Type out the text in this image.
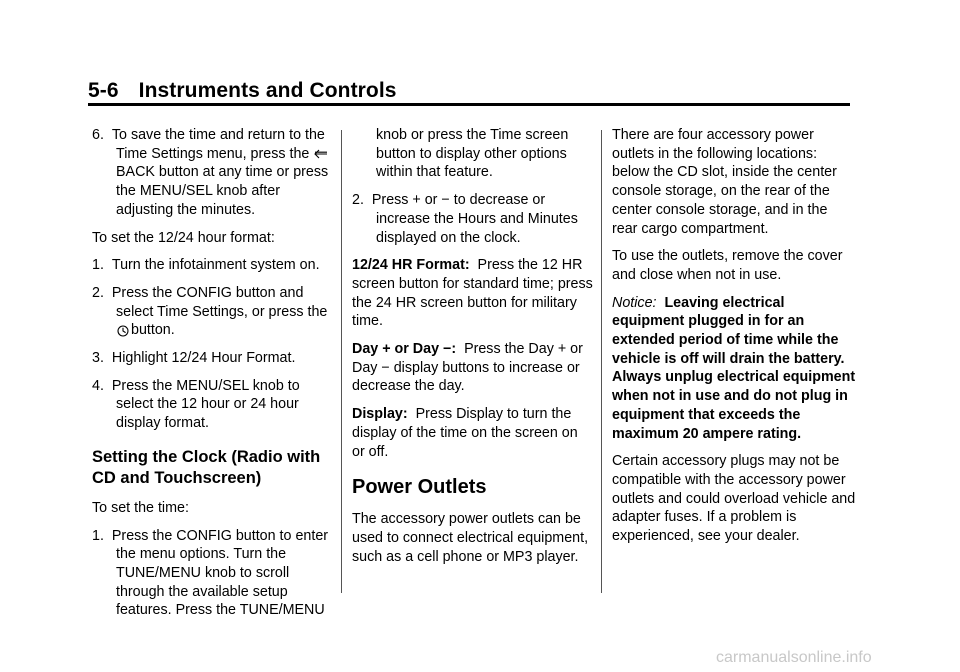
5-6 Instruments and Controls
6. To save the time and return to the Time Settings menu, press the BACK button at any time or press the MENU/SEL knob after adjusting the minutes.

To set the 12/24 hour format:

1. Turn the infotainment system on.
2. Press the CONFIG button and select Time Settings, or press the button.
3. Highlight 12/24 Hour Format.
4. Press the MENU/SEL knob to select the 12 hour or 24 hour display format.
Setting the Clock (Radio with CD and Touchscreen)

To set the time:

1. Press the CONFIG button to enter the menu options. Turn the TUNE/MENU knob to scroll through the available setup features. Press the TUNE/MENU

knob or press the Time screen button to display other options within that feature.

2. Press + or − to decrease or increase the Hours and Minutes displayed on the clock.

12/24 HR Format: Press the 12 HR screen button for standard time; press the 24 HR screen button for military time.

Day + or Day −: Press the Day + or Day − display buttons to increase or decrease the day.

Display: Press Display to turn the display of the time on the screen on or off.

Power Outlets

The accessory power outlets can be used to connect electrical equipment, such as a cell phone or MP3 player.

There are four accessory power outlets in the following locations: below the CD slot, inside the center console storage, on the rear of the center console storage, and in the rear cargo compartment.

To use the outlets, remove the cover and close when not in use.

Notice: Leaving electrical equipment plugged in for an extended period of time while the vehicle is off will drain the battery. Always unplug electrical equipment when not in use and do not plug in equipment that exceeds the maximum 20 ampere rating.

Certain accessory plugs may not be compatible with the accessory power outlets and could overload vehicle and adapter fuses. If a problem is experienced, see your dealer.

carmanualsonline.info
